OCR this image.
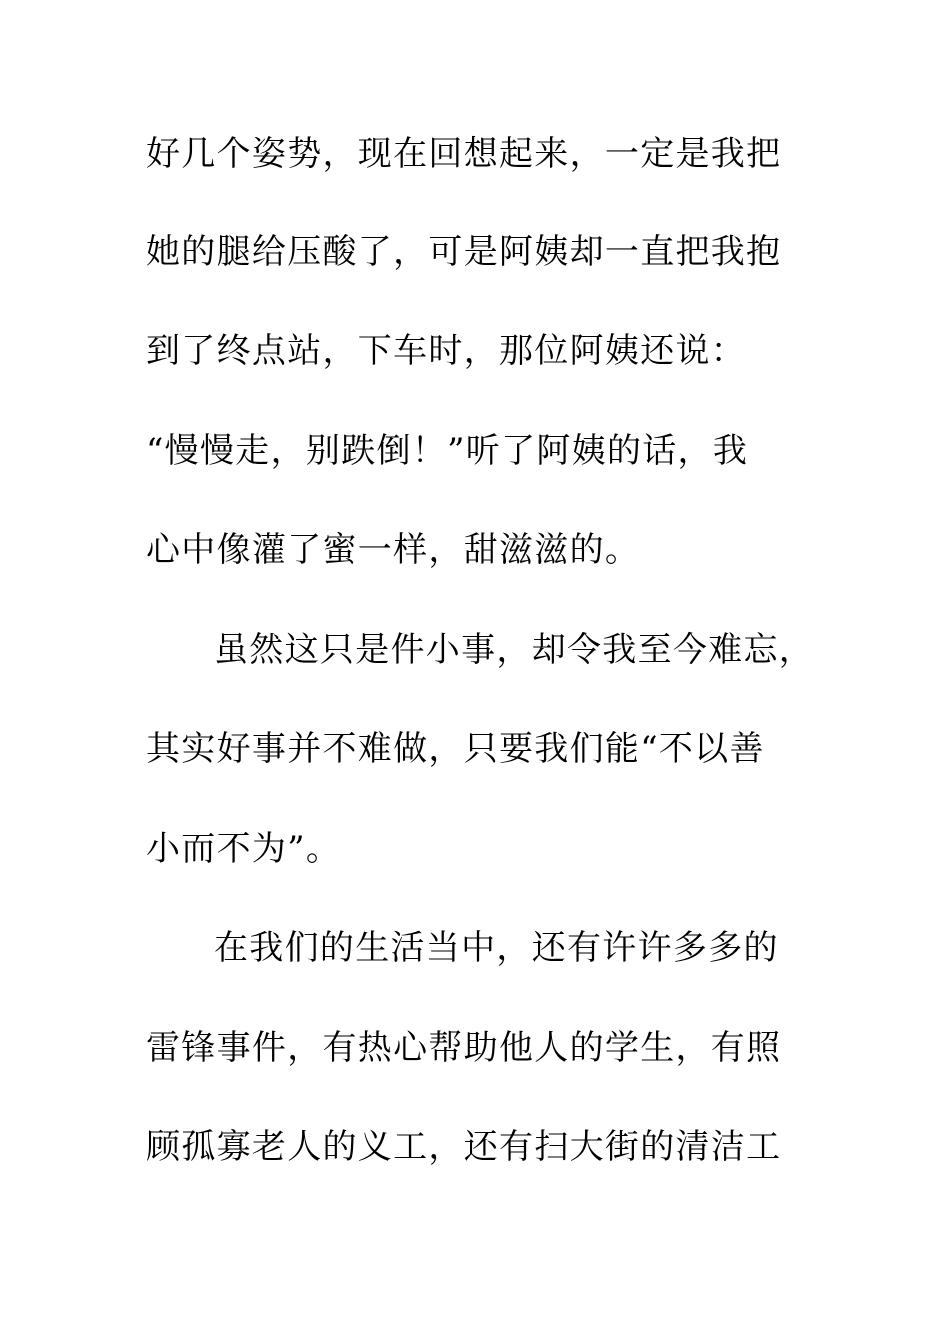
好几个姿势，现在回想起来，一定是我把
她的腿给压酸了，可是阿姨却一直把我抱
到了终点站，下车时，那位阿姨还说：
“慢慢走，别跌倒！”听了阿姨的话，我
心中像灌了蜜一样，甜滋滋的。
虽然这只是件小事，却令我至今难忘，
其实好事并不难做，只要我们能“不以善
小而不为”。
在我们的生活当中，还有许许多多的
雷锋事件，有热心帮助他人的学生，有照
顾孤寡老人的义工，还有扫大街的清洁工
